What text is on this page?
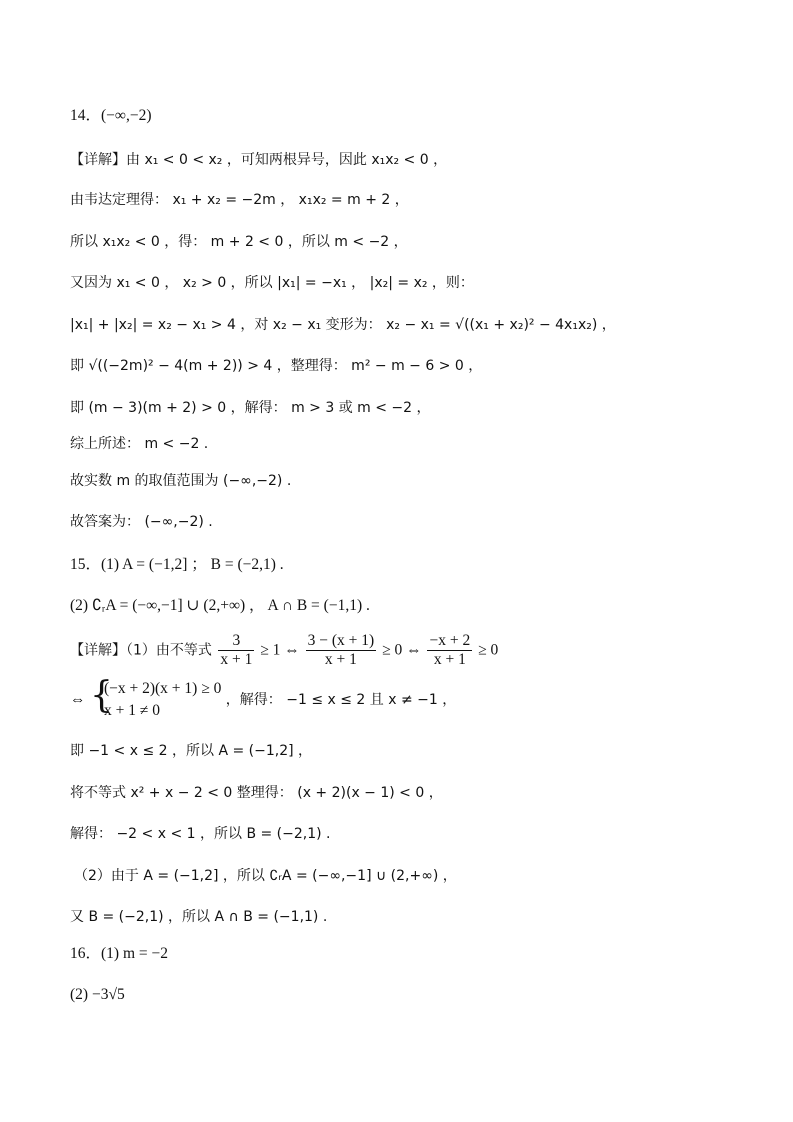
14．(−∞,−2)
【详解】由 x₁ < 0 < x₂ ，可知两根异号，因此 x₁x₂ < 0 ，
由韦达定理得： x₁ + x₂ = −2m ， x₁x₂ = m + 2 ，
所以 x₁x₂ < 0 ，得： m + 2 < 0 ，所以 m < −2 ，
又因为 x₁ < 0 ， x₂ > 0 ，所以 |x₁| = −x₁ ， |x₂| = x₂ ，则：
|x₁| + |x₂| = x₂ − x₁ > 4 ，对 x₂ − x₁ 变形为： x₂ − x₁ = √((x₁ + x₂)² − 4x₁x₂) ，
即 √((−2m)² − 4(m + 2)) > 4 ，整理得： m² − m − 6 > 0 ，
即 (m − 3)(m + 2) > 0 ，解得： m > 3 或 m < −2 ，
综上所述： m < −2 .
故实数 m 的取值范围为 (−∞,−2) .
故答案为： (−∞,−2) .
15．(1) A = (−1,2] ； B = (−2,1) .
(2) ∁ᵣA = (−∞,−1] ∪ (2,+∞) ， A ∩ B = (−1,1) .
【详解】（1）由不等式 $\frac{3}{x + 1} \ge 1$ ⇔ $\frac{3 - (x + 1)}{x + 1} \ge 0$ ⇔ $\frac{-x + 2}{x + 1} \ge 0$
⇔ {
(−x + 2)(x + 1) ≥ 0
x + 1 ≠ 0
，解得： −1 ≤ x ≤ 2 且 x ≠ −1 ，
即 −1 < x ≤ 2 ，所以 A = (−1,2] ，
将不等式 x² + x − 2 < 0 整理得： (x + 2)(x − 1) < 0 ，
解得： −2 < x < 1 ，所以 B = (−2,1) .
（2）由于 A = (−1,2] ，所以 ∁ᵣA = (−∞,−1] ∪ (2,+∞) ，
又 B = (−2,1) ，所以 A ∩ B = (−1,1) .
16．(1) m = −2
(2) −3√5
